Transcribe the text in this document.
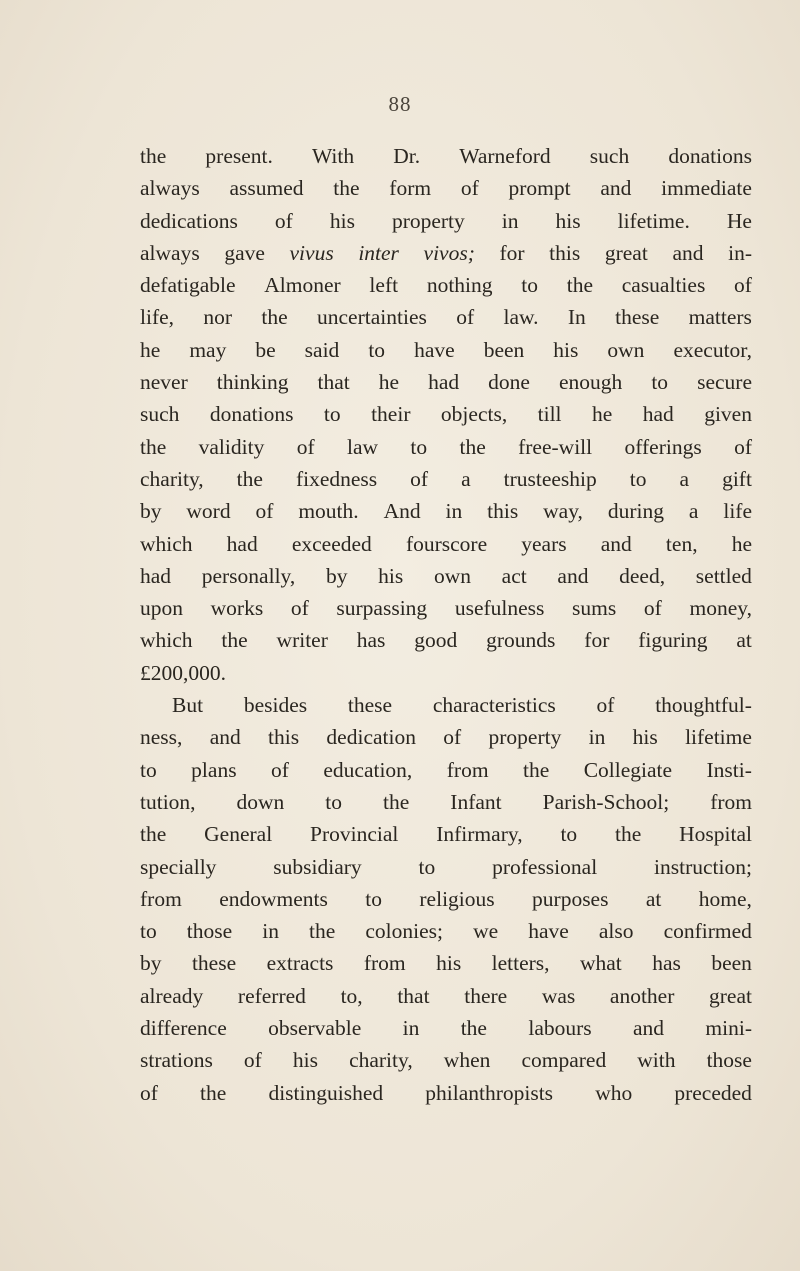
88
the present. With Dr. Warneford such donations
always assumed the form of prompt and immediate
dedications of his property in his lifetime. He
always gave vivus inter vivos; for this great and in-
defatigable Almoner left nothing to the casualties of
life, nor the uncertainties of law. In these matters
he may be said to have been his own executor,
never thinking that he had done enough to secure
such donations to their objects, till he had given
the validity of law to the free-will offerings of
charity, the fixedness of a trusteeship to a gift
by word of mouth. And in this way, during a life
which had exceeded fourscore years and ten, he
had personally, by his own act and deed, settled
upon works of surpassing usefulness sums of money,
which the writer has good grounds for figuring at
£200,000.
But besides these characteristics of thoughtful-
ness, and this dedication of property in his lifetime
to plans of education, from the Collegiate Insti-
tution, down to the Infant Parish-School; from
the General Provincial Infirmary, to the Hospital
specially	subsidiary	to	professional	instruction;
from endowments to religious purposes at home,
to those in the colonies; we have also confirmed
by these extracts from his letters, what has been
already referred to, that there was another great
difference observable in the labours and mini-
strations of his charity, when compared with those
of the distinguished philanthropists who preceded
